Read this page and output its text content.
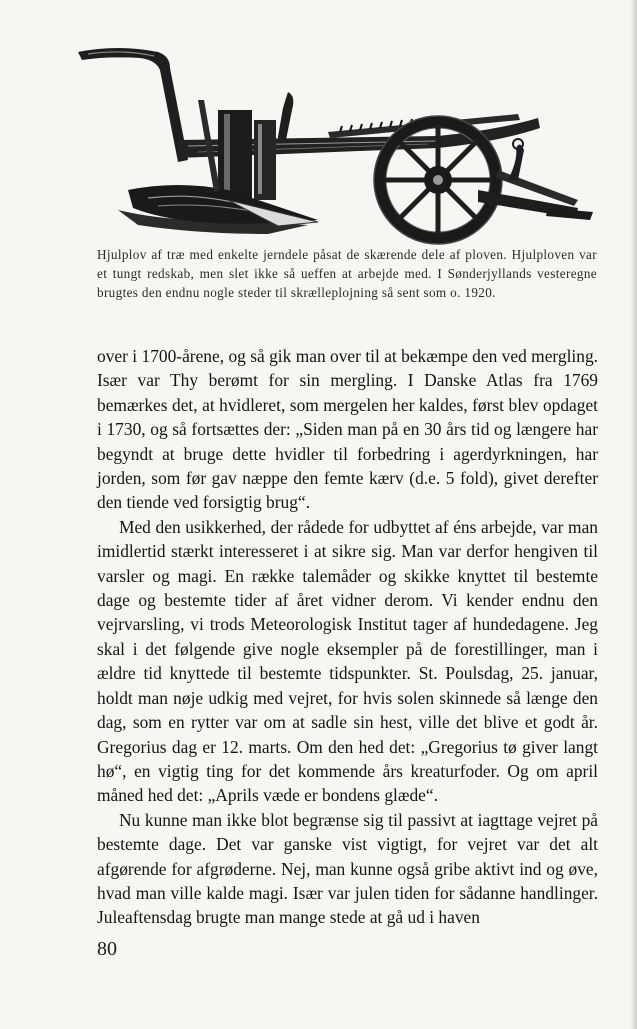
Hjulplov af træ med enkelte jerndele påsat de skærende dele af ploven. Hjulploven var et tungt redskab, men slet ikke så ueffen at arbejde med. I Sønderjyllands vesteregne brugtes den endnu nogle steder til skrælleplojning så sent som o. 1920.

over i 1700-årene, og så gik man over til at bekæmpe den ved mergling. Især var Thy berømt for sin mergling. I Danske Atlas fra 1769 bemærkes det, at hvidleret, som mergelen her kaldes, først blev opdaget i 1730, og så fortsættes der: „Siden man på en 30 års tid og længere har begyndt at bruge dette hvidler til forbedring i agerdyrkningen, har jorden, som før gav næppe den femte kærv (d.e. 5 fold), givet derefter den tiende ved forsigtig brug“.

Med den usikkerhed, der rådede for udbyttet af éns arbejde, var man imidlertid stærkt interesseret i at sikre sig. Man var derfor hengiven til varsler og magi. En række talemåder og skikke knyttet til bestemte dage og bestemte tider af året vidner derom. Vi kender endnu den vejrvarsling, vi trods Meteorologisk Institut tager af hundedagene. Jeg skal i det følgende give nogle eksempler på de forestillinger, man i ældre tid knyttede til bestemte tidspunkter. St. Poulsdag, 25. januar, holdt man nøje udkig med vejret, for hvis solen skinnede så længe den dag, som en rytter var om at sadle sin hest, ville det blive et godt år. Gregorius dag er 12. marts. Om den hed det: „Gregorius tø giver langt hø“, en vigtig ting for det kommende års kreaturfoder. Og om april måned hed det: „Aprils væde er bondens glæde“.

Nu kunne man ikke blot begrænse sig til passivt at iagttage vejret på bestemte dage. Det var ganske vist vigtigt, for vejret var det alt afgørende for afgrøderne. Nej, man kunne også gribe aktivt ind og øve, hvad man ville kalde magi. Især var julen tiden for sådanne handlinger. Juleaftensdag brugte man mange stede at gå ud i haven

80
